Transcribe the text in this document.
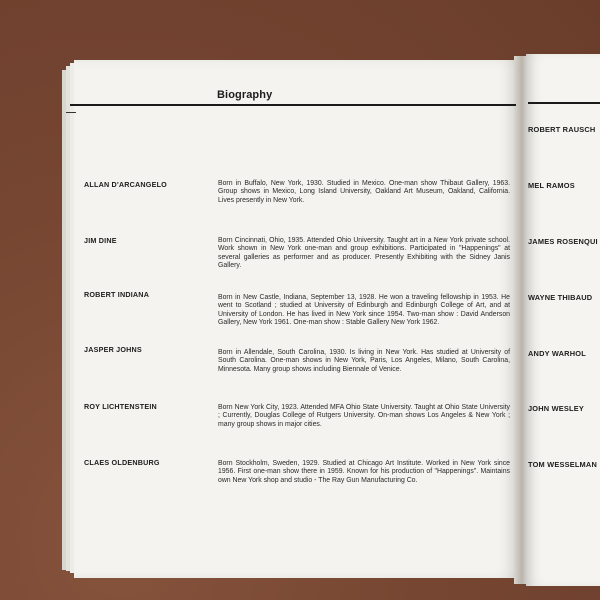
Biography
ALLAN D'ARCANGELO	Born in Buffalo, New York, 1930. Studied in Mexico. One-man show Thibaut Gallery, 1963. Group shows in Mexico, Long Island University, Oakland Art Museum, Oakland, California. Lives presently in New York.
JIM DINE	Born Cincinnati, Ohio, 1935. Attended Ohio University. Taught art in a New York private school. Work shown in New York one-man and group exhibitions. Participated in "Happenings" at several galleries as performer and as producer. Presently Exhibiting with the Sidney Janis Gallery.
ROBERT INDIANA	Born in New Castle, Indiana, September 13, 1928. He won a traveling fellowship in 1953. He went to Scotland ; studied at University of Edinburgh and Edinburgh College of Art, and at University of London. He has lived in New York since 1954. Two-man show : David Anderson Gallery, New York 1961. One-man show : Stable Gallery New York 1962.
JASPER JOHNS	Born in Allendale, South Carolina, 1930. Is living in New York. Has studied at University of South Carolina. One-man shows in New York, Paris, Los Angeles, Milano, South Carolina, Minnesota. Many group shows including Biennale of Venice.
ROY LICHTENSTEIN	Born New York City, 1923. Attended MFA Ohio State University. Taught at Ohio State University ; Currently, Douglas College of Rutgers University. On-man shows Los Angeles & New York ; many group shows in major cities.
CLAES OLDENBURG	Born Stockholm, Sweden, 1929. Studied at Chicago Art Institute. Worked in New York since 1956. First one-man show there in 1959. Known for his production of "Happenings". Maintains own New York shop and studio - The Ray Gun Manufacturing Co.
ROBERT RAUSCH
MEL RAMOS
JAMES ROSENQUI
WAYNE THIBAUD
ANDY WARHOL
JOHN WESLEY
TOM WESSELMAN
